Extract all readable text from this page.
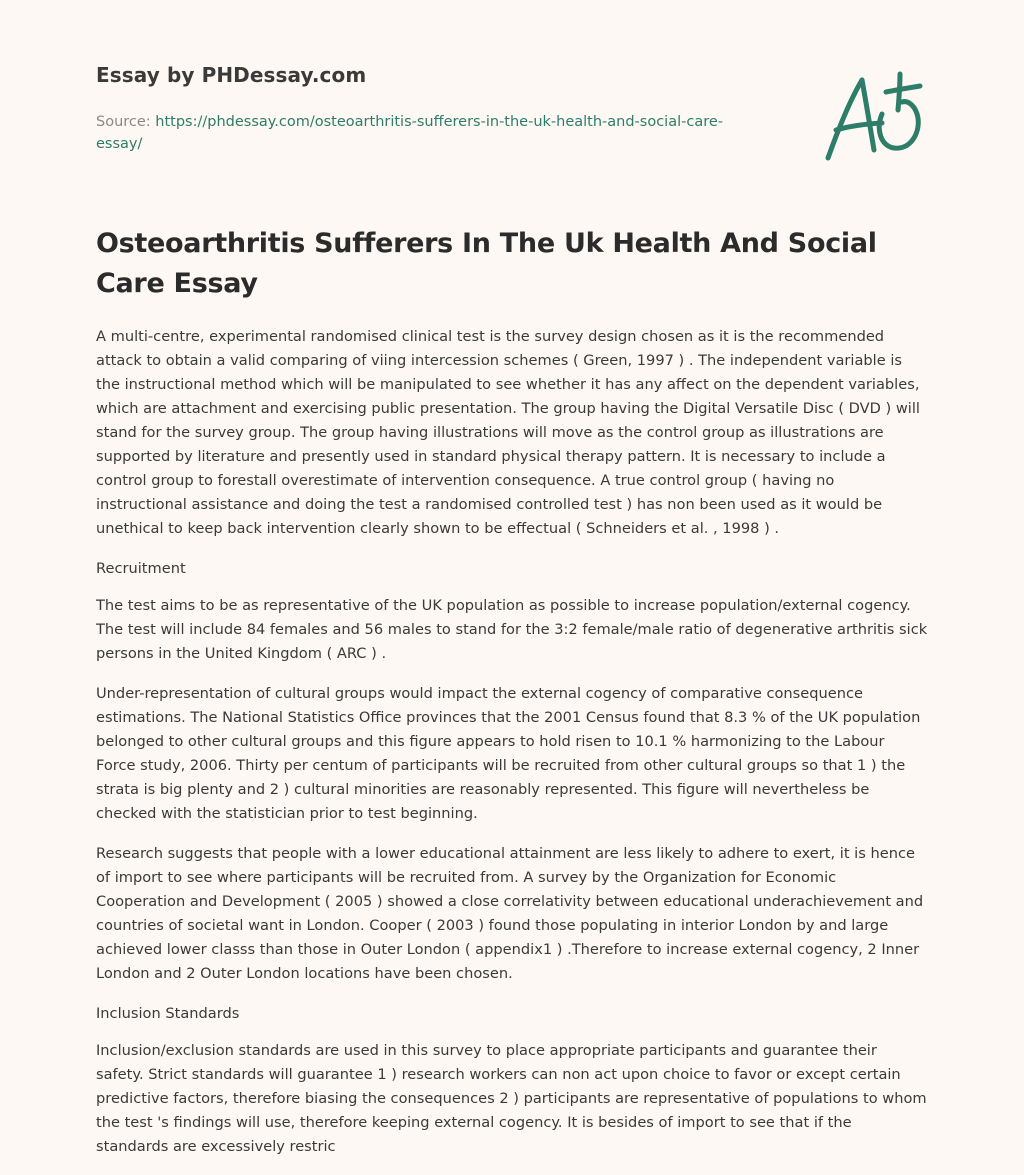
Essay by PHDessay.com
Source: https://phdessay.com/osteoarthritis-sufferers-in-the-uk-health-and-social-care-essay/
Osteoarthritis Sufferers In The Uk Health And Social Care Essay

A multi-centre, experimental randomised clinical test is the survey design chosen as it is the recommended attack to obtain a valid comparing of viing intercession schemes ( Green, 1997 ) . The independent variable is the instructional method which will be manipulated to see whether it has any affect on the dependent variables, which are attachment and exercising public presentation. The group having the Digital Versatile Disc ( DVD ) will stand for the survey group. The group having illustrations will move as the control group as illustrations are supported by literature and presently used in standard physical therapy pattern. It is necessary to include a control group to forestall overestimate of intervention consequence. A true control group ( having no instructional assistance and doing the test a randomised controlled test ) has non been used as it would be unethical to keep back intervention clearly shown to be effectual ( Schneiders et al. , 1998 ) .

Recruitment

The test aims to be as representative of the UK population as possible to increase population/external cogency. The test will include 84 females and 56 males to stand for the 3:2 female/male ratio of degenerative arthritis sick persons in the United Kingdom ( ARC ) .

Under-representation of cultural groups would impact the external cogency of comparative consequence estimations. The National Statistics Office provinces that the 2001 Census found that 8.3 % of the UK population belonged to other cultural groups and this figure appears to hold risen to 10.1 % harmonizing to the Labour Force study, 2006. Thirty per centum of participants will be recruited from other cultural groups so that 1 ) the strata is big plenty and 2 ) cultural minorities are reasonably represented. This figure will nevertheless be checked with the statistician prior to test beginning.

Research suggests that people with a lower educational attainment are less likely to adhere to exert, it is hence of import to see where participants will be recruited from. A survey by the Organization for Economic Cooperation and Development ( 2005 ) showed a close correlativity between educational underachievement and countries of societal want in London. Cooper ( 2003 ) found those populating in interior London by and large achieved lower classs than those in Outer London ( appendix1 ) .Therefore to increase external cogency, 2 Inner London and 2 Outer London locations have been chosen.

Inclusion Standards

Inclusion/exclusion standards are used in this survey to place appropriate participants and guarantee their safety. Strict standards will guarantee 1 ) research workers can non act upon choice to favor or except certain predictive factors, therefore biasing the consequences 2 ) participants are representative of populations to whom the test 's findings will use, therefore keeping external cogency. It is besides of import to see that if the standards are excessively restric
